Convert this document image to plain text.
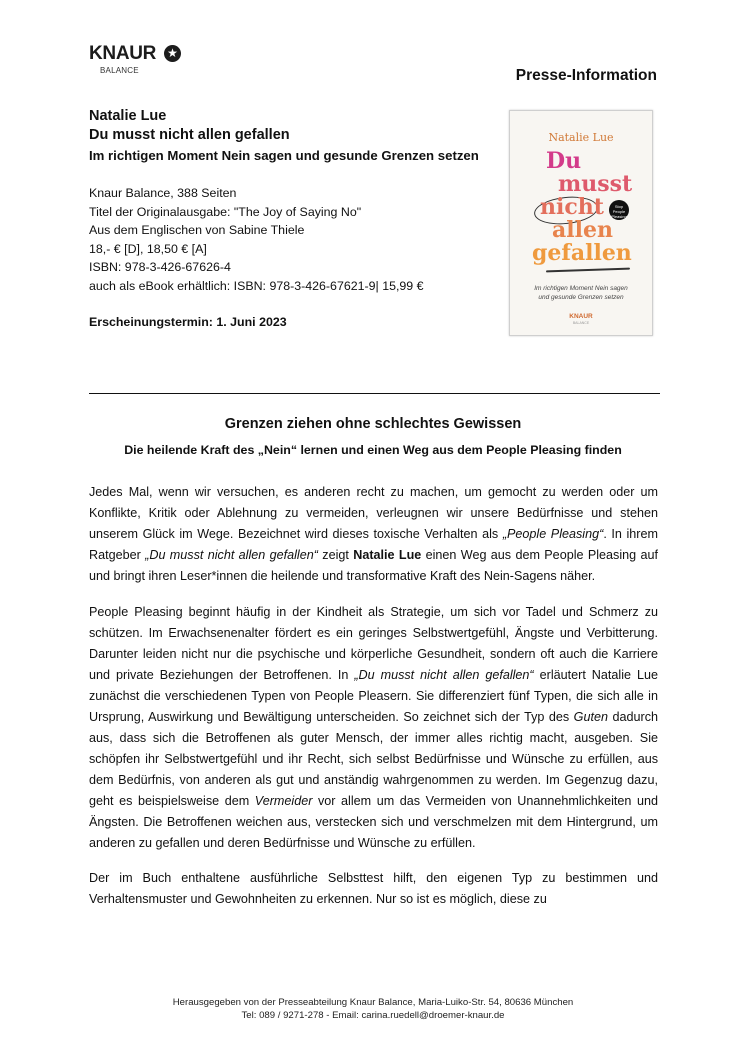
KNAUR ★
BALANCE	Presse-Information
Natalie Lue
Du musst nicht allen gefallen
Im richtigen Moment Nein sagen und gesunde Grenzen setzen
Knaur Balance, 388 Seiten
Titel der Originalausgabe: "The Joy of Saying No"
Aus dem Englischen von Sabine Thiele
18,- € [D], 18,50 € [A]
ISBN: 978-3-426-67626-4
auch als eBook erhältlich: ISBN: 978-3-426-67621-9| 15,99 €
Erscheinungstermin: 1. Juni 2023
Natalie Lue
Du
musst
nicht	Stop People Pleasing
allen
gefallen
Im richtigen Moment Nein sagen
und gesunde Grenzen setzen
KNAUR
BALANCE
Grenzen ziehen ohne schlechtes Gewissen
Die heilende Kraft des „Nein“ lernen und einen Weg aus dem People Pleasing finden

Jedes Mal, wenn wir versuchen, es anderen recht zu machen, um gemocht zu werden oder um Konflikte, Kritik oder Ablehnung zu vermeiden, verleugnen wir unsere Bedürfnisse und stehen unserem Glück im Wege. Bezeichnet wird dieses toxische Verhalten als „People Pleasing“. In ihrem Ratgeber „Du musst nicht allen gefallen“ zeigt Natalie Lue einen Weg aus dem People Pleasing auf und bringt ihren Leser*innen die heilende und transformative Kraft des Nein-Sagens näher.

People Pleasing beginnt häufig in der Kindheit als Strategie, um sich vor Tadel und Schmerz zu schützen. Im Erwachsenenalter fördert es ein geringes Selbstwertgefühl, Ängste und Verbitterung. Darunter leiden nicht nur die psychische und körperliche Gesundheit, sondern oft auch die Karriere und private Beziehungen der Betroffenen. In „Du musst nicht allen gefallen“ erläutert Natalie Lue zunächst die verschiedenen Typen von People Pleasern. Sie differenziert fünf Typen, die sich alle in Ursprung, Auswirkung und Bewältigung unterscheiden. So zeichnet sich der Typ des Guten dadurch aus, dass sich die Betroffenen als guter Mensch, der immer alles richtig macht, ausgeben. Sie schöpfen ihr Selbstwertgefühl und ihr Recht, sich selbst Bedürfnisse und Wünsche zu erfüllen, aus dem Bedürfnis, von anderen als gut und anständig wahrgenommen zu werden. Im Gegenzug dazu, geht es beispielsweise dem Vermeider vor allem um das Vermeiden von Unannehmlichkeiten und Ängsten. Die Betroffenen weichen aus, verstecken sich und verschmelzen mit dem Hintergrund, um anderen zu gefallen und deren Bedürfnisse und Wünsche zu erfüllen.

Der im Buch enthaltene ausführliche Selbsttest hilft, den eigenen Typ zu bestimmen und Verhaltensmuster und Gewohnheiten zu erkennen. Nur so ist es möglich, diese zu

Herausgegeben von der Presseabteilung Knaur Balance, Maria-Luiko-Str. 54, 80636 München
Tel: 089 / 9271-278 - Email: carina.ruedell@droemer-knaur.de
